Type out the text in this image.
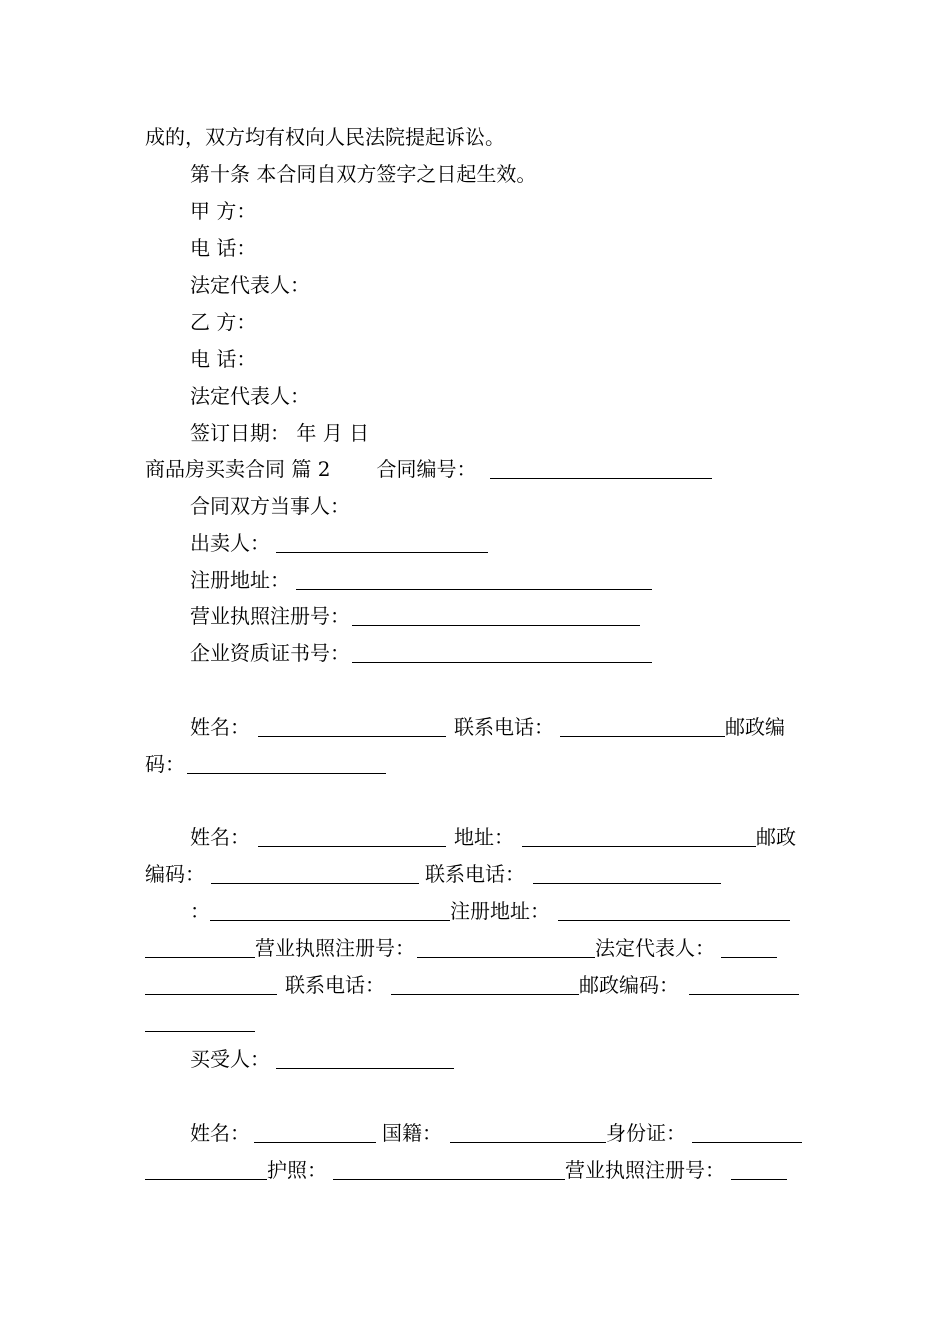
成的，双方均有权向人民法院提起诉讼。
第十条 本合同自双方签字之日起生效。
甲 方：
电 话：
法定代表人：
乙 方：
电 话：
法定代表人：
签订日期： 年 月 日
商品房买卖合同 篇 2 合同编号：
合同双方当事人：
出卖人：
注册地址：
营业执照注册号：
企业资质证书号：
姓名：	联系电话：	邮政编
码：
姓名：	地址：	邮政
编码：	联系电话：
：	注册地址：
营业执照注册号：	法定代表人：
联系电话：	邮政编码：
买受人：
姓名：	国籍：	身份证：
护照：	营业执照注册号：
